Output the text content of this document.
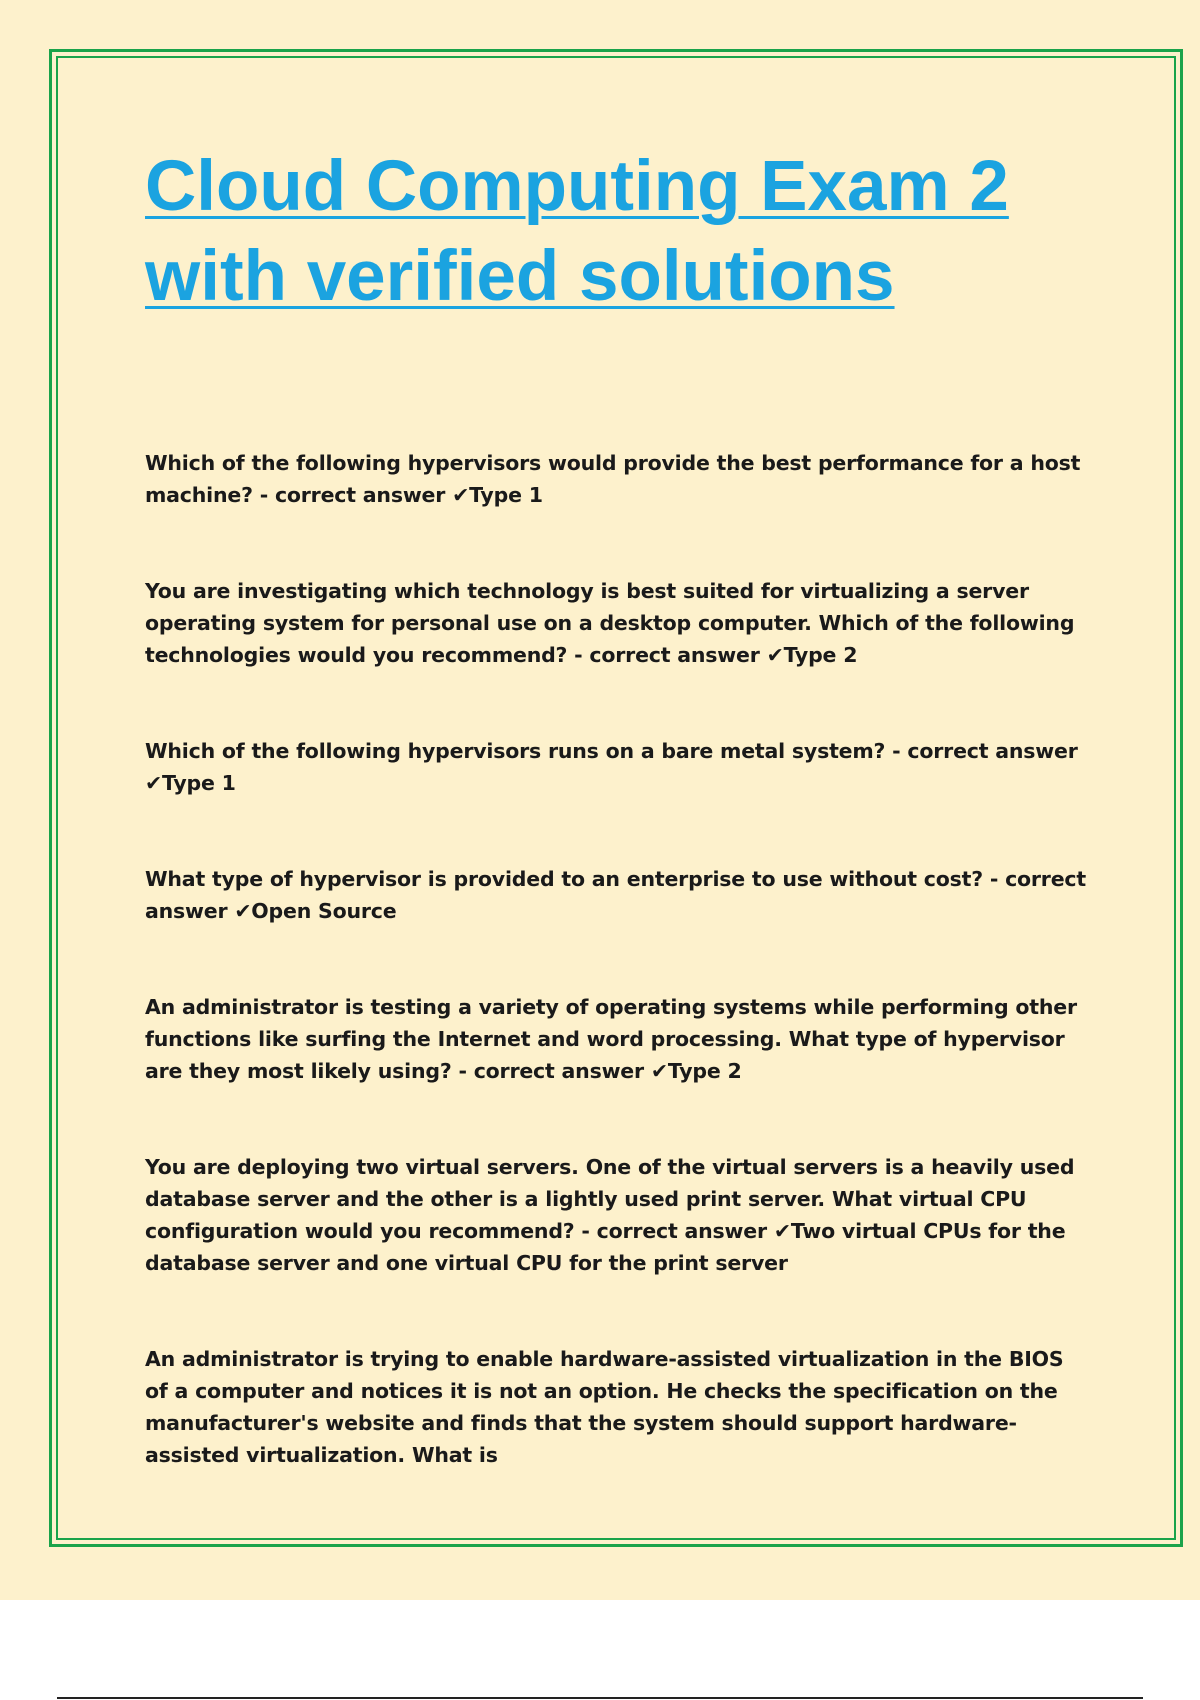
Cloud Computing Exam 2 with verified solutions

Which of the following hypervisors would provide the best performance for a host machine? - correct answer ✔Type 1

You are investigating which technology is best suited for virtualizing a server operating system for personal use on a desktop computer. Which of the following technologies would you recommend? - correct answer ✔Type 2

Which of the following hypervisors runs on a bare metal system? - correct answer ✔Type 1

What type of hypervisor is provided to an enterprise to use without cost? - correct answer ✔Open Source

An administrator is testing a variety of operating systems while performing other functions like surfing the Internet and word processing. What type of hypervisor are they most likely using? - correct answer ✔Type 2

You are deploying two virtual servers. One of the virtual servers is a heavily used database server and the other is a lightly used print server. What virtual CPU configuration would you recommend? - correct answer ✔Two virtual CPUs for the database server and one virtual CPU for the print server

An administrator is trying to enable hardware-assisted virtualization in the BIOS of a computer and notices it is not an option. He checks the specification on the manufacturer's website and finds that the system should support hardware-assisted virtualization. What is
